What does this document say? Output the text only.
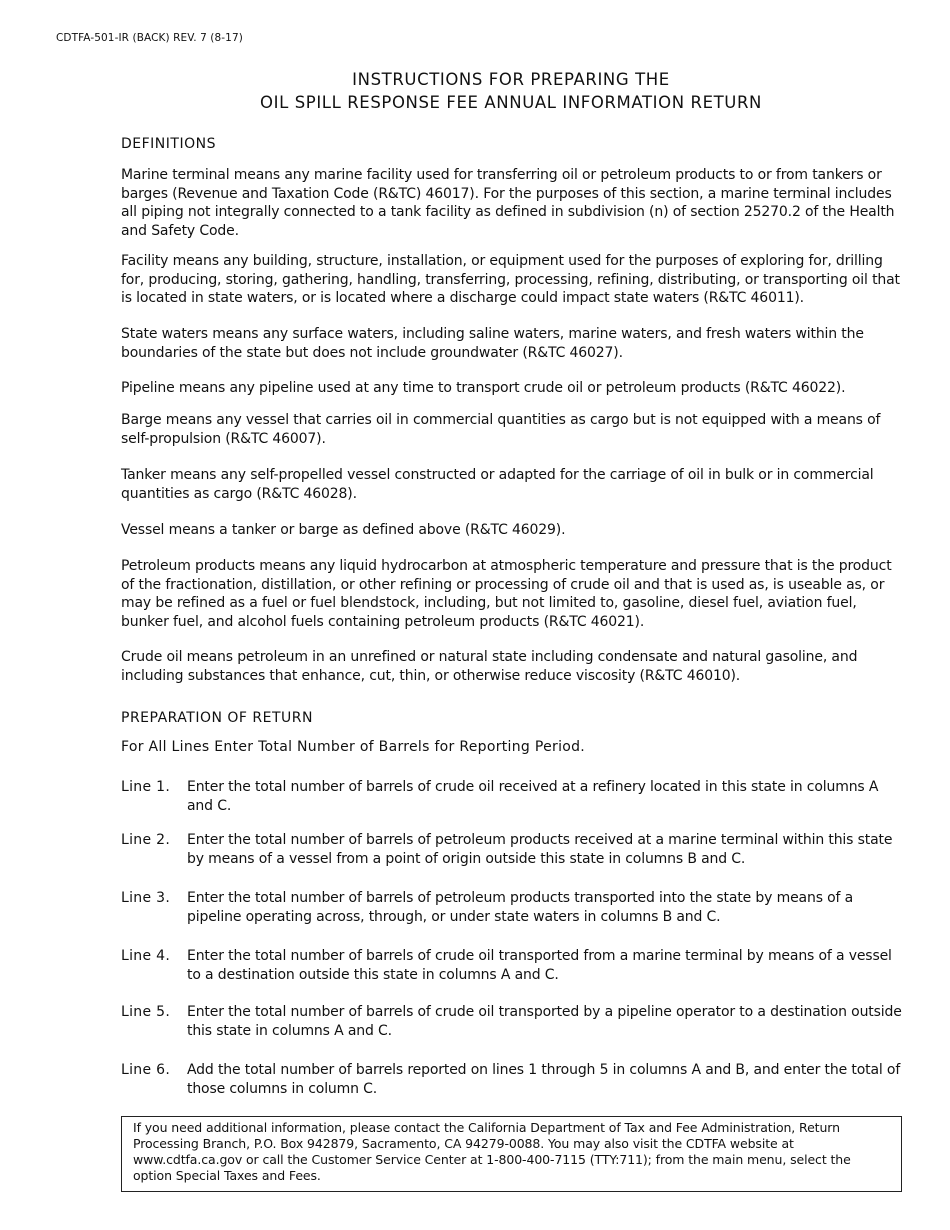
CDTFA-501-IR (BACK) REV. 7 (8-17)
INSTRUCTIONS FOR PREPARING THE
OIL SPILL RESPONSE FEE ANNUAL INFORMATION RETURN
DEFINITIONS

Marine terminal means any marine facility used for transferring oil or petroleum products to or from tankers or barges (Revenue and Taxation Code (R&TC) 46017). For the purposes of this section, a marine terminal includes all piping not integrally connected to a tank facility as defined in subdivision (n) of section 25270.2 of the Health and Safety Code.

Facility means any building, structure, installation, or equipment used for the purposes of exploring for, drilling for, producing, storing, gathering, handling, transferring, processing, refining, distributing, or transporting oil that is located in state waters, or is located where a discharge could impact state waters (R&TC 46011).

State waters means any surface waters, including saline waters, marine waters, and fresh waters within the boundaries of the state but does not include groundwater (R&TC 46027).

Pipeline means any pipeline used at any time to transport crude oil or petroleum products (R&TC 46022).

Barge means any vessel that carries oil in commercial quantities as cargo but is not equipped with a means of self-propulsion (R&TC 46007).

Tanker means any self-propelled vessel constructed or adapted for the carriage of oil in bulk or in commercial quantities as cargo (R&TC 46028).

Vessel means a tanker or barge as defined above (R&TC 46029).

Petroleum products means any liquid hydrocarbon at atmospheric temperature and pressure that is the product of the fractionation, distillation, or other refining or processing of crude oil and that is used as, is useable as, or may be refined as a fuel or fuel blendstock, including, but not limited to, gasoline, diesel fuel, aviation fuel, bunker fuel, and alcohol fuels containing petroleum products (R&TC 46021).

Crude oil means petroleum in an unrefined or natural state including condensate and natural gasoline, and including substances that enhance, cut, thin, or otherwise reduce viscosity (R&TC 46010).

PREPARATION OF RETURN
For All Lines Enter Total Number of Barrels for Reporting Period.
Line 1. Enter the total number of barrels of crude oil received at a refinery located in this state in columns A and C.
Line 2. Enter the total number of barrels of petroleum products received at a marine terminal within this state by means of a vessel from a point of origin outside this state in columns B and C.
Line 3. Enter the total number of barrels of petroleum products transported into the state by means of a pipeline operating across, through, or under state waters in columns B and C.
Line 4. Enter the total number of barrels of crude oil transported from a marine terminal by means of a vessel to a destination outside this state in columns A and C.
Line 5. Enter the total number of barrels of crude oil transported by a pipeline operator to a destination outside this state in columns A and C.
Line 6. Add the total number of barrels reported on lines 1 through 5 in columns A and B, and enter the total of those columns in column C.
If you need additional information, please contact the California Department of Tax and Fee Administration, Return Processing Branch, P.O. Box 942879, Sacramento, CA 94279-0088. You may also visit the CDTFA website at www.cdtfa.ca.gov or call the Customer Service Center at 1-800-400-7115 (TTY:711); from the main menu, select the option Special Taxes and Fees.
